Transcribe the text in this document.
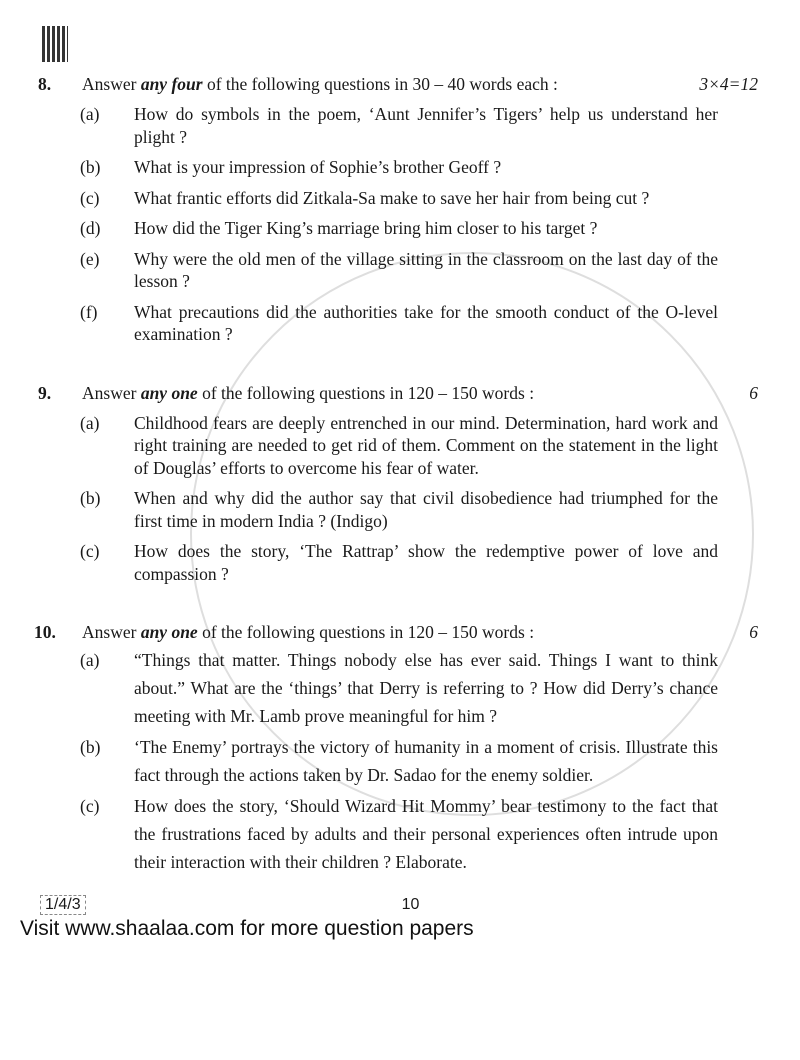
8.	Answer any four of the following questions in 30 – 40 words each :	3×4=12
(a)	How do symbols in the poem, ‘Aunt Jennifer’s Tigers’ help us understand her plight ?
(b)	What is your impression of Sophie’s brother Geoff ?
(c)	What frantic efforts did Zitkala-Sa make to save her hair from being cut ?
(d)	How did the Tiger King’s marriage bring him closer to his target ?
(e)	Why were the old men of the village sitting in the classroom on the last day of the lesson ?
(f)	What precautions did the authorities take for the smooth conduct of the O-level examination ?
9.	Answer any one of the following questions in 120 – 150 words :	6
(a)	Childhood fears are deeply entrenched in our mind. Determination, hard work and right training are needed to get rid of them. Comment on the statement in the light of Douglas’ efforts to overcome his fear of water.
(b)	When and why did the author say that civil disobedience had triumphed for the first time in modern India ? (Indigo)
(c)	How does the story, ‘The Rattrap’ show the redemptive power of love and compassion ?
10.	Answer any one of the following questions in 120 – 150 words :	6
(a)	“Things that matter. Things nobody else has ever said. Things I want to think about.” What are the ‘things’ that Derry is referring to ? How did Derry’s chance meeting with Mr. Lamb prove meaningful for him ?
(b)	‘The Enemy’ portrays the victory of humanity in a moment of crisis. Illustrate this fact through the actions taken by Dr. Sadao for the enemy soldier.
(c)	How does the story, ‘Should Wizard Hit Mommy’ bear testimony to the fact that the frustrations faced by adults and their personal experiences often intrude upon their interaction with their children ? Elaborate.
1/4/3	10
Visit www.shaalaa.com for more question papers
